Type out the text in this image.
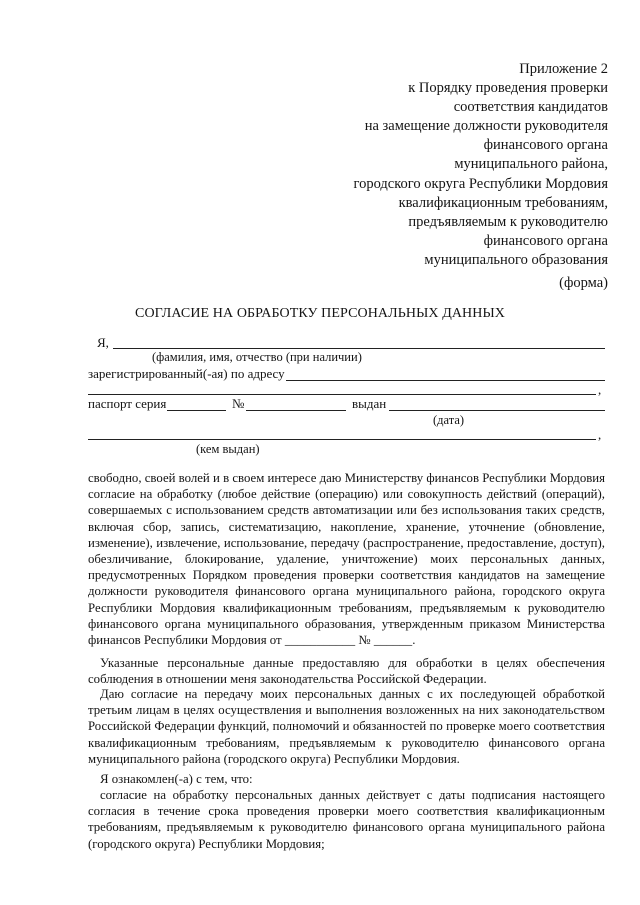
Приложение 2
к Порядку проведения проверки
соответствия кандидатов
на замещение должности руководителя
финансового органа
муниципального района,
городского округа Республики Мордовия
квалификационным требованиям,
предъявляемым к руководителю
финансового органа
муниципального образования
(форма)
СОГЛАСИЕ НА ОБРАБОТКУ ПЕРСОНАЛЬНЫХ ДАННЫХ
Я,
(фамилия, имя, отчество (при наличии)
зарегистрированный(-ая) по адресу
,
паспорт серия	№	выдан
(дата)
,
(кем выдан)
свободно, своей волей и в своем интересе даю Министерству финансов Республики Мордовия согласие на обработку (любое действие (операцию) или совокупность действий (операций), совершаемых с использованием средств автоматизации или без использования таких средств, включая сбор, запись, систематизацию, накопление, хранение, уточнение (обновление, изменение), извлечение, использование, передачу (распространение, предоставление, доступ), обезличивание, блокирование, удаление, уничтожение) моих персональных данных, предусмотренных Порядком проведения проверки соответствия кандидатов на замещение должности руководителя финансового органа муниципального района, городского округа Республики Мордовия квалификационным требованиям, предъявляемым к руководителю финансового органа муниципального образования, утвержденным приказом Министерства финансов Республики Мордовия от ___________ № ______.
Указанные персональные данные предоставляю для обработки в целях обеспечения соблюдения в отношении меня законодательства Российской Федерации.
Даю согласие на передачу моих персональных данных с их последующей обработкой третьим лицам в целях осуществления и выполнения возложенных на них законодательством Российской Федерации функций, полномочий и обязанностей по проверке моего соответствия квалификационным требованиям, предъявляемым к руководителю финансового органа муниципального района (городского округа) Республики Мордовия.
Я ознакомлен(-а) с тем, что:
согласие на обработку персональных данных действует с даты подписания настоящего согласия в течение срока проведения проверки моего соответствия квалификационным требованиям, предъявляемым к руководителю финансового органа муниципального района (городского округа) Республики Мордовия;
